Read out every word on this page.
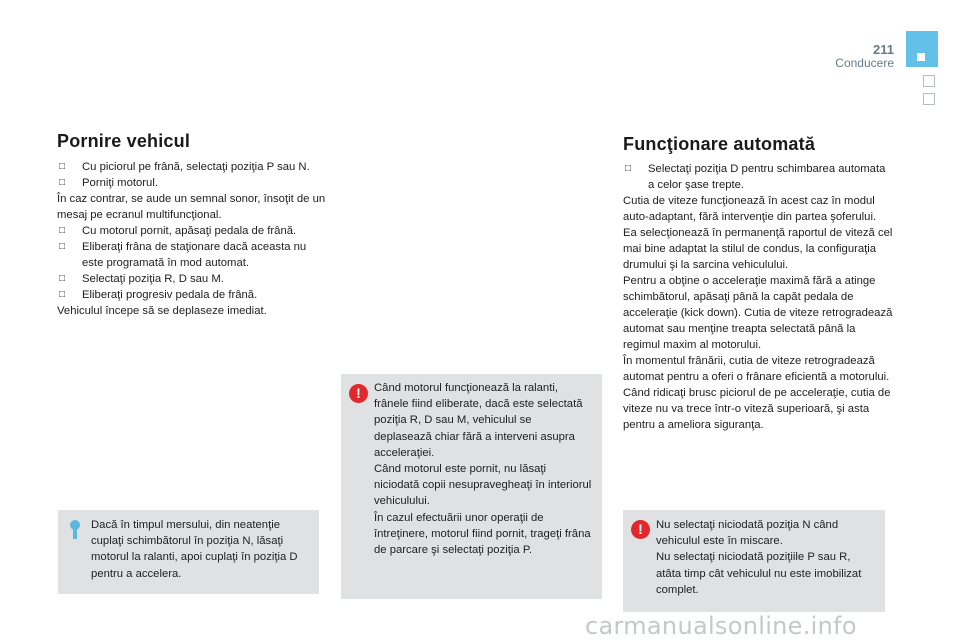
211
Conducere
Pornire vehicul

□ Cu piciorul pe frână, selectaţi poziţia P sau N.

□ Porniţi motorul.

În caz contrar, se aude un semnal sonor, însoţit de un mesaj pe ecranul multifuncţional.

□ Cu motorul pornit, apăsaţi pedala de frână.

□ Eliberaţi frâna de staţionare dacă aceasta nu este programată în mod automat.

□ Selectaţi poziţia R, D sau M.

□ Eliberaţi progresiv pedala de frână.

Vehiculul începe să se deplaseze imediat.

Funcţionare automată

□ Selectaţi poziţia D pentru schimbarea automata a celor şase trepte.

Cutia de viteze funcţionează în acest caz în modul auto-adaptant, fără intervenţie din partea şoferului. Ea selecţionează în permanenţă raportul de viteză cel mai bine adaptat la stilul de condus, la configuraţia drumului şi la sarcina vehiculului.

Pentru a obţine o acceleraţie maximă fără a atinge schimbătorul, apăsaţi până la capăt pedala de acceleraţie (kick down). Cutia de viteze retrogradează automat sau menţine treapta selectată până la regimul maxim al motorului.

În momentul frânării, cutia de viteze retrogradează automat pentru a oferi o frânare eficientă a motorului.

Când ridicaţi brusc piciorul de pe acceleraţie, cutia de viteze nu va trece într-o viteză superioară, şi asta pentru a ameliora siguranţa.

Dacă în timpul mersului, din neatenţie cuplaţi schimbătorul în poziţia N, lăsaţi motorul la ralanti, apoi cuplaţi în poziţia D pentru a accelera.
!	Când motorul funcţionează la ralanti, frânele fiind eliberate, dacă este selectată poziţia R, D sau M, vehiculul se deplasează chiar fără a interveni asupra acceleraţiei.

Când motorul este pornit, nu lăsaţi niciodată copii nesupravegheaţi în interiorul vehiculului.

În cazul efectuării unor operaţii de întreţinere, motorul fiind pornit, trageţi frâna de parcare şi selectaţi poziţia P.

!	Nu selectaţi niciodată poziţia N când vehiculul este în miscare.

Nu selectaţi niciodată poziţiile P sau R, atâta timp cât vehiculul nu este imobilizat complet.

carmanualsonline.info
